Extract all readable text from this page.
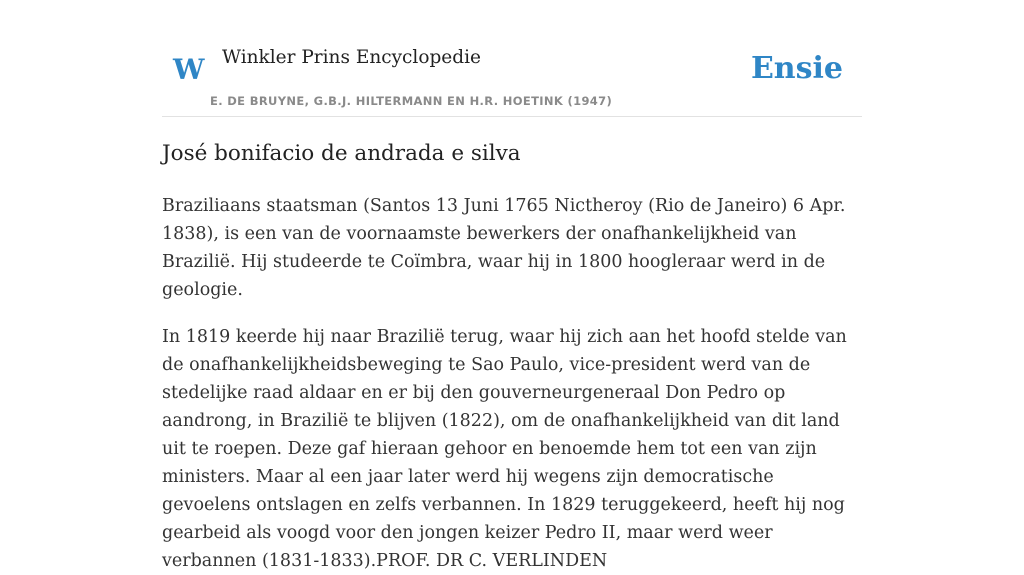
W Winkler Prins Encyclopedie
E. DE BRUYNE, G.B.J. HILTERMANN EN H.R. HOETINK (1947)
Ensie
José bonifacio de andrada e silva

Braziliaans staatsman (Santos 13 Juni 1765 Nictheroy (Rio de Janeiro) 6 Apr. 1838), is een van de voornaamste bewerkers der onafhankelijkheid van Brazilië. Hij studeerde te Coïmbra, waar hij in 1800 hoogleraar werd in de geologie.

In 1819 keerde hij naar Brazilië terug, waar hij zich aan het hoofd stelde van de onafhankelijkheidsbeweging te Sao Paulo, vice-president werd van de stedelijke raad aldaar en er bij den gouverneurgeneraal Don Pedro op aandrong, in Brazilië te blijven (1822), om de onafhankelijkheid van dit land uit te roepen. Deze gaf hieraan gehoor en benoemde hem tot een van zijn ministers. Maar al een jaar later werd hij wegens zijn democratische gevoelens ontslagen en zelfs verbannen. In 1829 teruggekeerd, heeft hij nog gearbeid als voogd voor den jongen keizer Pedro II, maar werd weer verbannen (1831-1833).PROF. DR C. VERLINDEN
